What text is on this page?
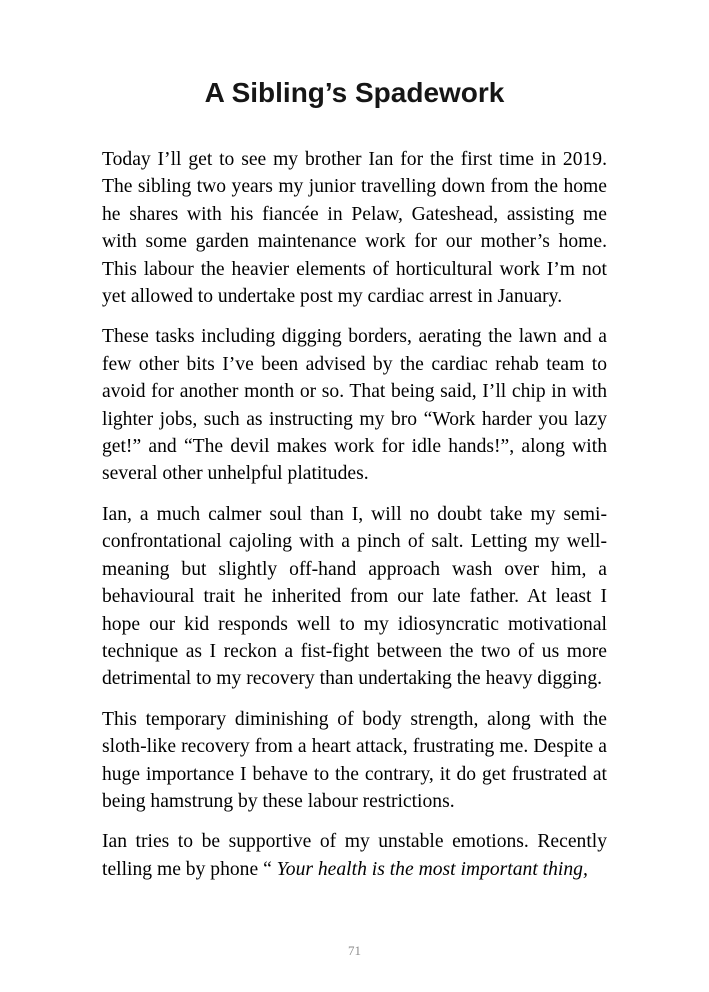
A Sibling’s Spadework

Today I’ll get to see my brother Ian for the first time in 2019. The sibling two years my junior travelling down from the home he shares with his fiancée in Pelaw, Gateshead, assisting me with some garden maintenance work for our mother’s home. This labour the heavier elements of horticultural work I’m not yet allowed to undertake post my cardiac arrest in January.

These tasks including digging borders, aerating the lawn and a few other bits I’ve been advised by the cardiac rehab team to avoid for another month or so. That being said, I’ll chip in with lighter jobs, such as instructing my bro “Work harder you lazy get!” and “The devil makes work for idle hands!”, along with several other unhelpful platitudes.

Ian, a much calmer soul than I, will no doubt take my semi-confrontational cajoling with a pinch of salt. Letting my well-meaning but slightly off-hand approach wash over him, a behavioural trait he inherited from our late father. At least I hope our kid responds well to my idiosyncratic motivational technique as I reckon a fist-fight between the two of us more detrimental to my recovery than undertaking the heavy digging.

This temporary diminishing of body strength, along with the sloth-like recovery from a heart attack, frustrating me. Despite a huge importance I behave to the contrary, it do get frustrated at being hamstrung by these labour restrictions.

Ian tries to be supportive of my unstable emotions. Recently telling me by phone “ Your health is the most important thing,

71
